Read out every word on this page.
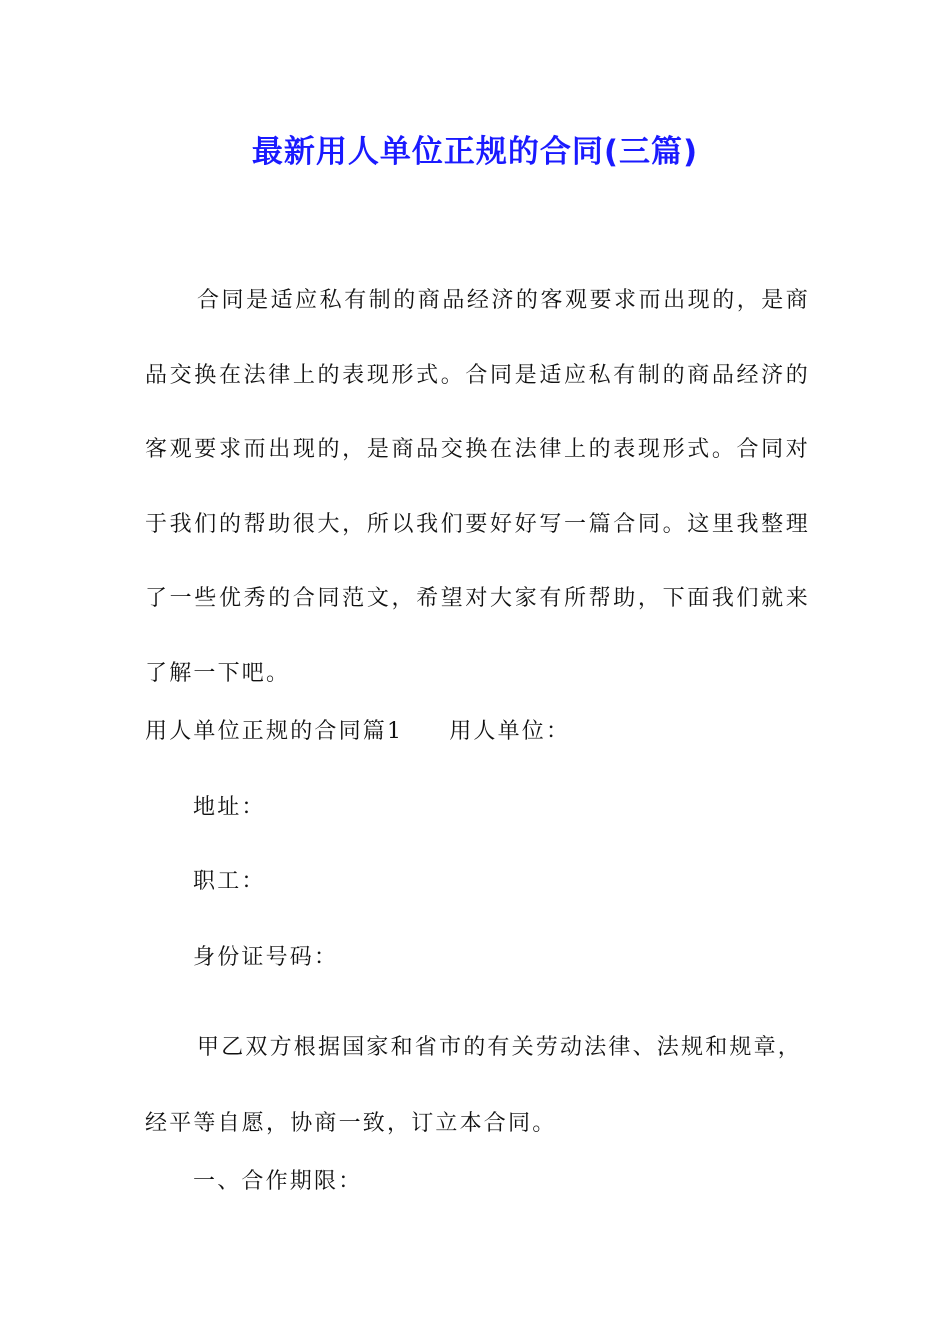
最新用人单位正规的合同(三篇)

合同是适应私有制的商品经济的客观要求而出现的，是商品交换在法律上的表现形式。合同是适应私有制的商品经济的客观要求而出现的，是商品交换在法律上的表现形式。合同对于我们的帮助很大，所以我们要好好写一篇合同。这里我整理了一些优秀的合同范文，希望对大家有所帮助，下面我们就来了解一下吧。

用人单位正规的合同篇1 用人单位：

地址：

职工：

身份证号码：

甲乙双方根据国家和省市的有关劳动法律、法规和规章，经平等自愿，协商一致，订立本合同。

一、合作期限：
